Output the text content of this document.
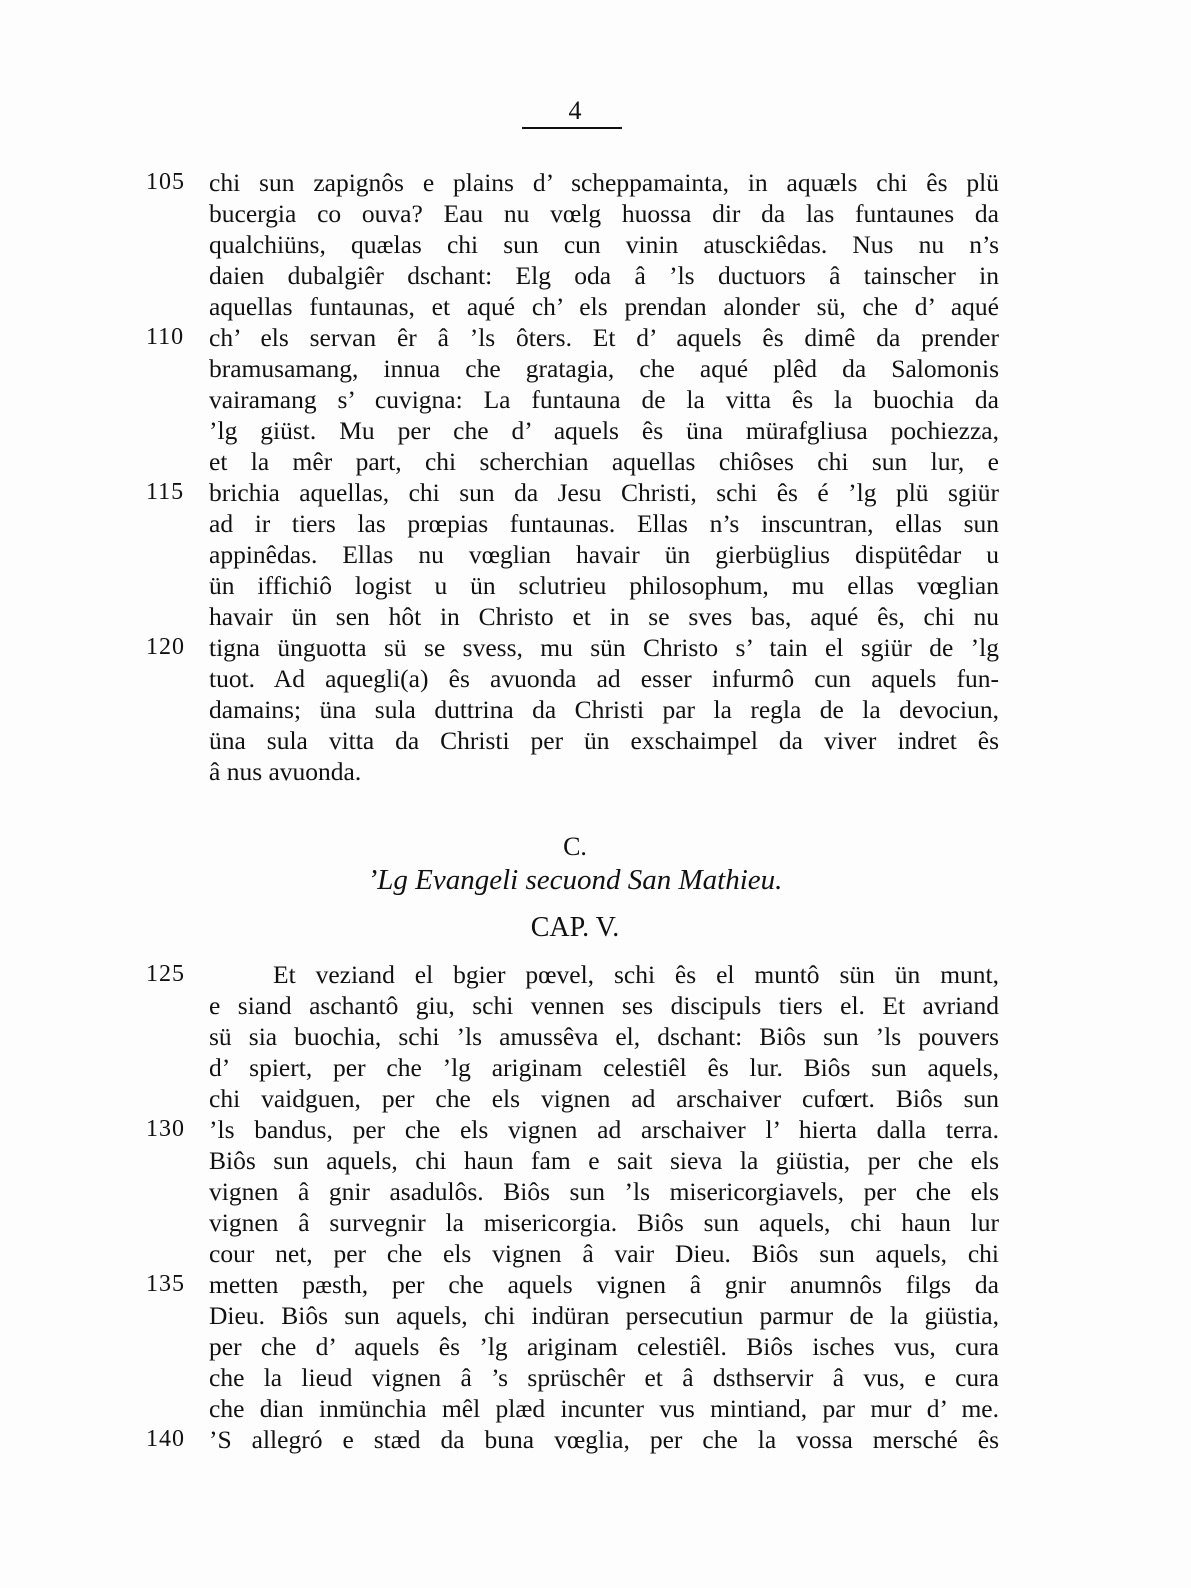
4
105 chi sun zapignôs e plains d’ scheppamainta, in aquæls chi ês plü
bucergia co ouva? Eau nu vœlg huossa dir da las funtaunes da
qualchiüns, quælas chi sun cun vinin atusckiêdas. Nus nu n’s
daien dubalgiêr dschant: Elg oda â ’ls ductuors â tainscher in
aquellas funtaunas, et aqué ch’ els prendan alonder sü, che d’ aqué
110 ch’ els servan êr â ’ls ôters. Et d’ aquels ês dimê da prender
bramusamang, innua che gratagia, che aqué plêd da Salomonis
vairamang s’ cuvigna: La funtauna de la vitta ês la buochia da
’lg giüst. Mu per che d’ aquels ês üna mürafgliusa pochiezza,
et la mêr part, chi scherchian aquellas chiôses chi sun lur, e
115 brichia aquellas, chi sun da Jesu Christi, schi ês é ’lg plü sgiür
ad ir tiers las prœpias funtaunas. Ellas n’s inscuntran, ellas sun
appinêdas. Ellas nu vœglian havair ün gierbüglius dispütêdar u
ün iffichiô logist u ün sclutrieu philosophum, mu ellas vœglian
havair ün sen hôt in Christo et in se sves bas, aqué ês, chi nu
120 tigna ünguotta sü se svess, mu sün Christo s’ tain el sgiür de ’lg
tuot. Ad aquegli(a) ês avuonda ad esser infurmô cun aquels fun-
damains; üna sula duttrina da Christi par la regla de la devociun,
üna sula vitta da Christi per ün exschaimpel da viver indret ês
â nus avuonda.
C.
’Lg Evangeli secuond San Mathieu.
CAP. V.
125	Et veziand el bgier pœvel, schi ês el muntô sün ün munt,
e siand aschantô giu, schi vennen ses discipuls tiers el. Et avriand
sü sia buochia, schi ’ls amussêva el, dschant: Biôs sun ’ls pouvers
d’ spiert, per che ’lg ariginam celestiêl ês lur. Biôs sun aquels,
chi vaidguen, per che els vignen ad arschaiver cufœrt. Biôs sun
130 ’ls bandus, per che els vignen ad arschaiver l’ hierta dalla terra.
Biôs sun aquels, chi haun fam e sait sieva la giüstia, per che els
vignen â gnir asadulôs. Biôs sun ’ls misericorgiavels, per che els
vignen â survegnir la misericorgia. Biôs sun aquels, chi haun lur
cour net, per che els vignen â vair Dieu. Biôs sun aquels, chi
135 metten pæsth, per che aquels vignen â gnir anumnôs filgs da
Dieu. Biôs sun aquels, chi indüran persecutiun parmur de la giüstia,
per che d’ aquels ês ’lg ariginam celestiêl. Biôs isches vus, cura
che la lieud vignen â ’s sprüschêr et â dsthservir â vus, e cura
che dian inmünchia mêl plæd incunter vus mintiand, par mur d’ me.
140 ’S allegró e stæd da buna vœglia, per che la vossa mersché ês
